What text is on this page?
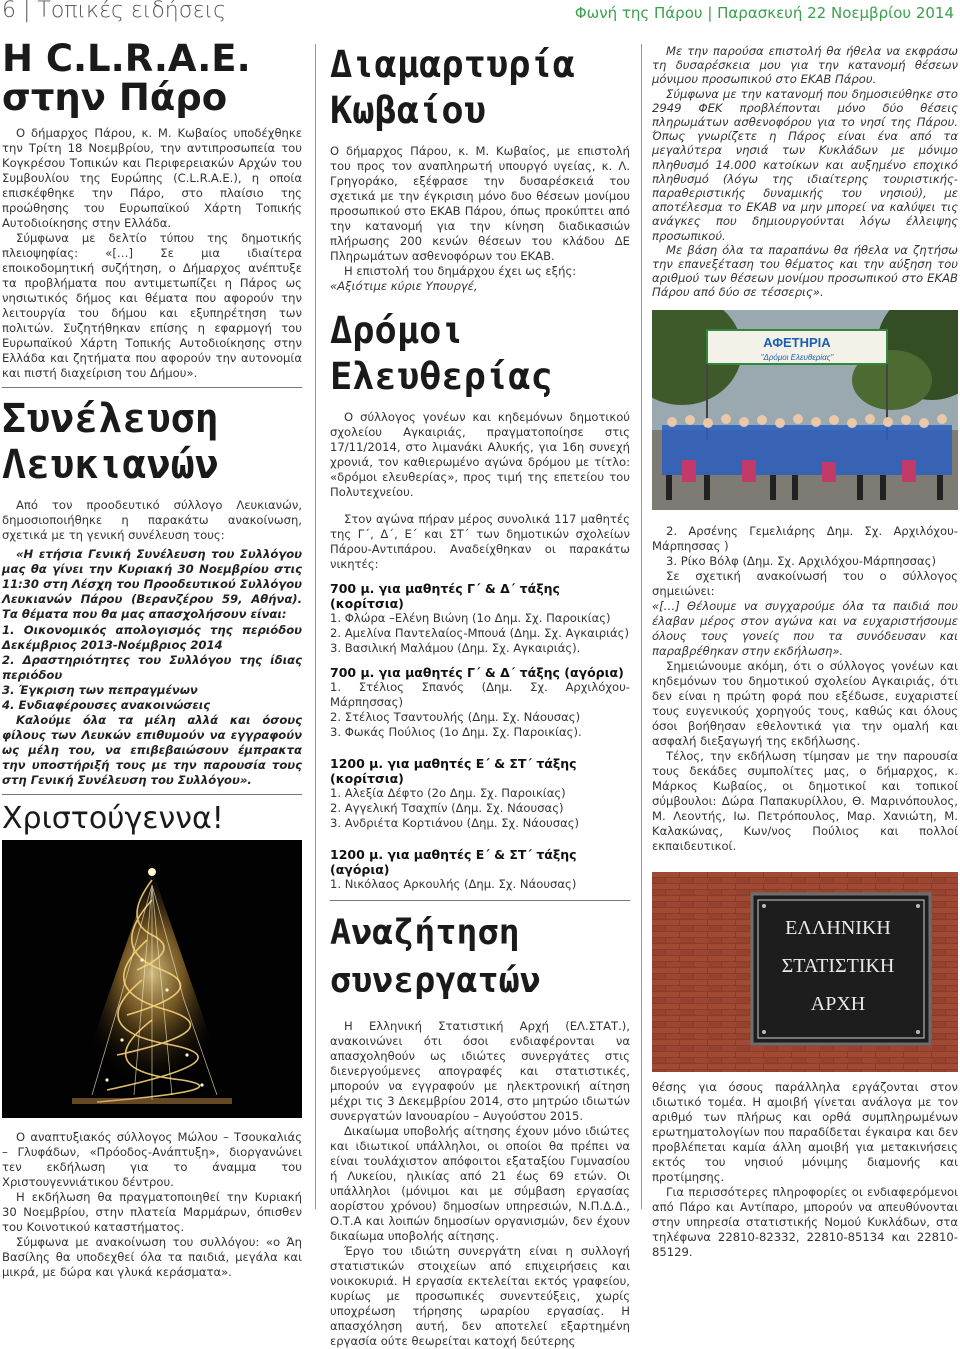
6 | Τοπικές ειδήσεις	Φωνή της Πάρου | Παρασκευή 22 Νοεμβρίου 2014
Η C.L.R.A.E.
στην Πάρο

Ο δήμαρχος Πάρου, κ. Μ. Κωβαίος υποδέχθηκε την Τρίτη 18 Νοεμβρίου, την αντιπροσωπεία του Κογκρέσου Τοπικών και Περιφερειακών Αρχών του Συμβουλίου της Ευρώπης (C.L.R.A.E.), η οποία επισκέφθηκε την Πάρο, στο πλαίσιο της προώθησης του Ευρωπαϊκού Χάρτη Τοπικής Αυτοδιοίκησης στην Ελλάδα.

Σύμφωνα με δελτίο τύπου της δημοτικής πλειοψηφίας: «[…] Σε μια ιδιαίτερα εποικοδομητική συζήτηση, ο Δήμαρχος ανέπτυξε τα προβλήματα που αντιμετωπίζει η Πάρος ως νησιωτικός δήμος και θέματα που αφορούν την λειτουργία του δήμου και εξυπηρέτηση των πολιτών. Συζητήθηκαν επίσης η εφαρμογή του Ευρωπαϊκού Χάρτη Τοπικής Αυτοδιοίκησης στην Ελλάδα και ζητήματα που αφορούν την αυτονομία και πιστή διαχείριση του Δήμου».

Συνέλευση
Λευκιανών

Από τον προοδευτικό σύλλογο Λευκιανών, δημοσιοποιήθηκε η παρακάτω ανακοίνωση, σχετικά με τη γενική συνέλευση τους:

«Η ετήσια Γενική Συνέλευση του Συλλόγου μας θα γίνει την Κυριακή 30 Νοεμβρίου στις 11:30 στη Λέσχη του Προοδευτικού Συλλόγου Λευκιανών Πάρου (Βερανζέρου 59, Αθήνα). Τα θέματα που θα μας απασχολήσουν είναι:

1. Οικονομικός απολογισμός της περιόδου Δεκέμβριος 2013-Νοέμβριος 2014

2. Δραστηριότητες του Συλλόγου της ίδιας περιόδου

3. Έγκριση των πεπραγμένων

4. Ενδιαφέρουσες ανακοινώσεις

Καλούμε όλα τα μέλη αλλά και όσους φίλους των Λευκών επιθυμούν να εγγραφούν ως μέλη του, να επιβεβαιώσουν έμπρακτα την υποστήριξή τους με την παρουσία τους στη Γενική Συνέλευση του Συλλόγου».

Χριστούγεννα!

Ο αναπτυξιακός σύλλογος Μώλου – Τσουκαλιάς – Γλυφάδων, «Πρόοδος-Ανάπτυξη», διοργανώνει τεν εκδήλωση για το άναμμα του Χριστουγεννιάτικου δέντρου.

Η εκδήλωση θα πραγματοποιηθεί την Κυριακή 30 Νοεμβρίου, στην πλατεία Μαρμάρων, όπισθεν του Κοινοτικού καταστήματος.

Σύμφωνα με ανακοίνωση του συλλόγου: «ο Άη Βασίλης θα υποδεχθεί όλα τα παιδιά, μεγάλα και μικρά, με δώρα και γλυκά κεράσματα».

Διαμαρτυρία
Κωβαίου

Ο δήμαρχος Πάρου, κ. Μ. Κωβαίος, με επιστολή του προς τον αναπληρωτή υπουργό υγείας, κ. Λ. Γρηγοράκο, εξέφρασε την δυσαρέσκειά του σχετικά με την έγκρισιη μόνο δυο θέσεων μονίμου προσωπικού στο ΕΚΑΒ Πάρου, όπως προκύπτει από την κατανομή για την κίνηση διαδικασιών πλήρωσης 200 κενών θέσεων του κλάδου ΔΕ Πληρωμάτων ασθενοφόρων του ΕΚΑΒ.

Η επιστολή του δημάρχου έχει ως εξής:

«Αξιότιμε κύριε Υπουργέ,

Δρόμοι
Ελευθερίας

Ο σύλλογος γονέων και κηδεμόνων δημοτικού σχολείου Αγκαιριάς, πραγματοποίησε στις 17/11/2014, στο λιμανάκι Αλυκής, για 16η συνεχή χρονιά, τον καθιερωμένο αγώνα δρόμου με τίτλο: «δρόμοι ελευθερίας», προς τιμή της επετείου του Πολυτεχνείου.

Στον αγώνα πήραν μέρος συνολικά 117 μαθητές της Γ΄, Δ΄, Ε΄ και ΣΤ΄ των δημοτικών σχολείων Πάρου-Αντιπάρου. Αναδείχθηκαν οι παρακάτω νικητές:

700 μ. για μαθητές Γ΄ & Δ΄ τάξης (κορίτσια)

1. Φλώρα –Ελένη Βιώνη (1ο Δημ. Σχ. Παροικίας)

2. Αμελίνα Παντελαίος-Μπουά (Δημ. Σχ. Αγκαιριάς)

3. Βασιλική Μαλάμου (Δημ. Σχ. Αγκαιριάς).

700 μ. για μαθητές Γ΄ & Δ΄ τάξης (αγόρια)

1. Στέλιος Σπανός (Δημ. Σχ. Αρχιλόχου-Μάρπησσας)

2. Στέλιος Τσαντουλής (Δημ. Σχ. Νάουσας)

3. Φωκάς Πούλιος (1ο Δημ. Σχ. Παροικίας).

1200 μ. για μαθητές Ε΄ & ΣΤ΄ τάξης (κορίτσια)

1. Αλεξία Δέφτο (2ο Δημ. Σχ. Παροικίας)

2. Αγγελική Τσαχπίν (Δημ. Σχ. Νάουσας)

3. Ανδριέτα Κορτιάνου (Δημ. Σχ. Νάουσας)

1200 μ. για μαθητές Ε΄ & ΣΤ΄ τάξης (αγόρια)

1. Νικόλαος Αρκουλής (Δημ. Σχ. Νάουσας)

Αναζήτηση
συνεργατών

Η Ελληνική Στατιστική Αρχή (ΕΛ.ΣΤΑΤ.), ανακοινώνει ότι όσοι ενδιαφέρονται να απασχοληθούν ως ιδιώτες συνεργάτες στις διενεργούμενες απογραφές και στατιστικές, μπορούν να εγγραφούν με ηλεκτρονική αίτηση μέχρι τις 3 Δεκεμβρίου 2014, στο μητρώο ιδιωτών συνεργατών Ιανουαρίου – Αυγούστου 2015.

Δικαίωμα υποβολής αίτησης έχουν μόνο ιδιώτες και ιδιωτικοί υπάλληλοι, οι οποίοι θα πρέπει να είναι τουλάχιστον απόφοιτοι εξαταξίου Γυμνασίου ή Λυκείου, ηλικίας από 21 έως 69 ετών. Οι υπάλληλοι (μόνιμοι και με σύμβαση εργασίας αορίστου χρόνου) δημοσίων υπηρεσιών, Ν.Π.Δ.Δ., Ο.Τ.Α και λοιπών δημοσίων οργανισμών, δεν έχουν δικαίωμα υποβολής αίτησης.

Έργο του ιδιώτη συνεργάτη είναι η συλλογή στατιστικών στοιχείων από επιχειρήσεις και νοικοκυριά. Η εργασία εκτελείται εκτός γραφείου, κυρίως με προσωπικές συνεντεύξεις, χωρίς υποχρέωση τήρησης ωραρίου εργασίας. Η απασχόληση αυτή, δεν αποτελεί εξαρτημένη εργασία ούτε θεωρείται κατοχή δεύτερης

Με την παρούσα επιστολή θα ήθελα να εκφράσω τη δυσαρέσκεια μου για την κατανομή θέσεων μόνιμου προσωπικού στο ΕΚΑΒ Πάρου.

Σύμφωνα με την κατανομή που δημοσιεύθηκε στο 2949 ΦΕΚ προβλέπονται μόνο δύο θέσεις πληρωμάτων ασθενοφόρου για το νησί της Πάρου. Όπως γνωρίζετε η Πάρος είναι ένα από τα μεγαλύτερα νησιά των Κυκλάδων με μόνιμο πληθυσμό 14.000 κατοίκων και αυξημένο εποχικό πληθυσμό (λόγω της ιδιαίτερης τουριστικής-παραθεριστικής δυναμικής του νησιού), με αποτέλεσμα το ΕΚΑΒ να μην μπορεί να καλύψει τις ανάγκες που δημιουργούνται λόγω έλλειψης προσωπικού.

Με βάση όλα τα παραπάνω θα ήθελα να ζητήσω την επανεξέταση του θέματος και την αύξηση του αριθμού των θέσεων μονίμου προσωπικού στο ΕΚΑΒ Πάρου από δύο σε τέσσερις».

ΑΦΕΤΗΡΙΑ
"Δρόμοι Ελευθερίας"

2. Αρσένης Γεμελιάρης Δημ. Σχ. Αρχιλόχου- Μάρπησσας )

3. Ρίκο Βόλφ (Δημ. Σχ. Αρχιλόχου-Μάρπησσας)

Σε σχετική ανακοίνωσή του ο σύλλογος σημειώνει:

«[…] Θέλουμε να συγχαρούμε όλα τα παιδιά που έλαβαν μέρος στον αγώνα και να ευχαριστήσουμε όλους τους γονείς που τα συνόδευσαν και παραβρέθηκαν στην εκδήλωση».

Σημειώνουμε ακόμη, ότι ο σύλλογος γονέων και κηδεμόνων του δημοτικού σχολείου Αγκαιριάς, ότι δεν είναι η πρώτη φορά που εξέδωσε, ευχαριστεί τους ευγενικούς χορηγούς τους, καθώς και όλους όσοι βοήθησαν εθελοντικά για την ομαλή και ασφαλή διεξαγωγή της εκδήλωσης.

Τέλος, την εκδήλωση τίμησαν με την παρουσία τους δεκάδες συμπολίτες μας, ο δήμαρχος, κ. Μάρκος Κωβαίος, οι δημοτικοί και τοπικοί σύμβουλοι: Δώρα Παπακυρίλλου, Θ. Μαρινόπουλος, Μ. Λεοντής, Ιω. Πετρόπουλος, Μαρ. Χανιώτη, Μ. Καλακώνας, Κων/νος Πούλιος και πολλοί εκπαιδευτικοί.

ΕΛΛΗΝΙΚΗ
ΣΤΑΤΙΣΤΙΚΗ
ΑΡΧΗ

θέσης για όσους παράλληλα εργάζονται στον ιδιωτικό τομέα. Η αμοιβή γίνεται ανάλογα με τον αριθμό των πλήρως και ορθά συμπληρωμένων ερωτηματολογίων που παραδίδεται έγκαιρα και δεν προβλέπεται καμία άλλη αμοιβή για μετακινήσεις εκτός του νησιού μόνιμης διαμονής και προτίμησης.

Για περισσότερες πληροφορίες οι ενδιαφερόμενοι από Πάρο και Αντίπαρο, μπορούν να απευθύνονται στην υπηρεσία στατιστικής Νομού Κυκλάδων, στα τηλέφωνα 22810-82332, 22810-85134 και 22810-85129.
